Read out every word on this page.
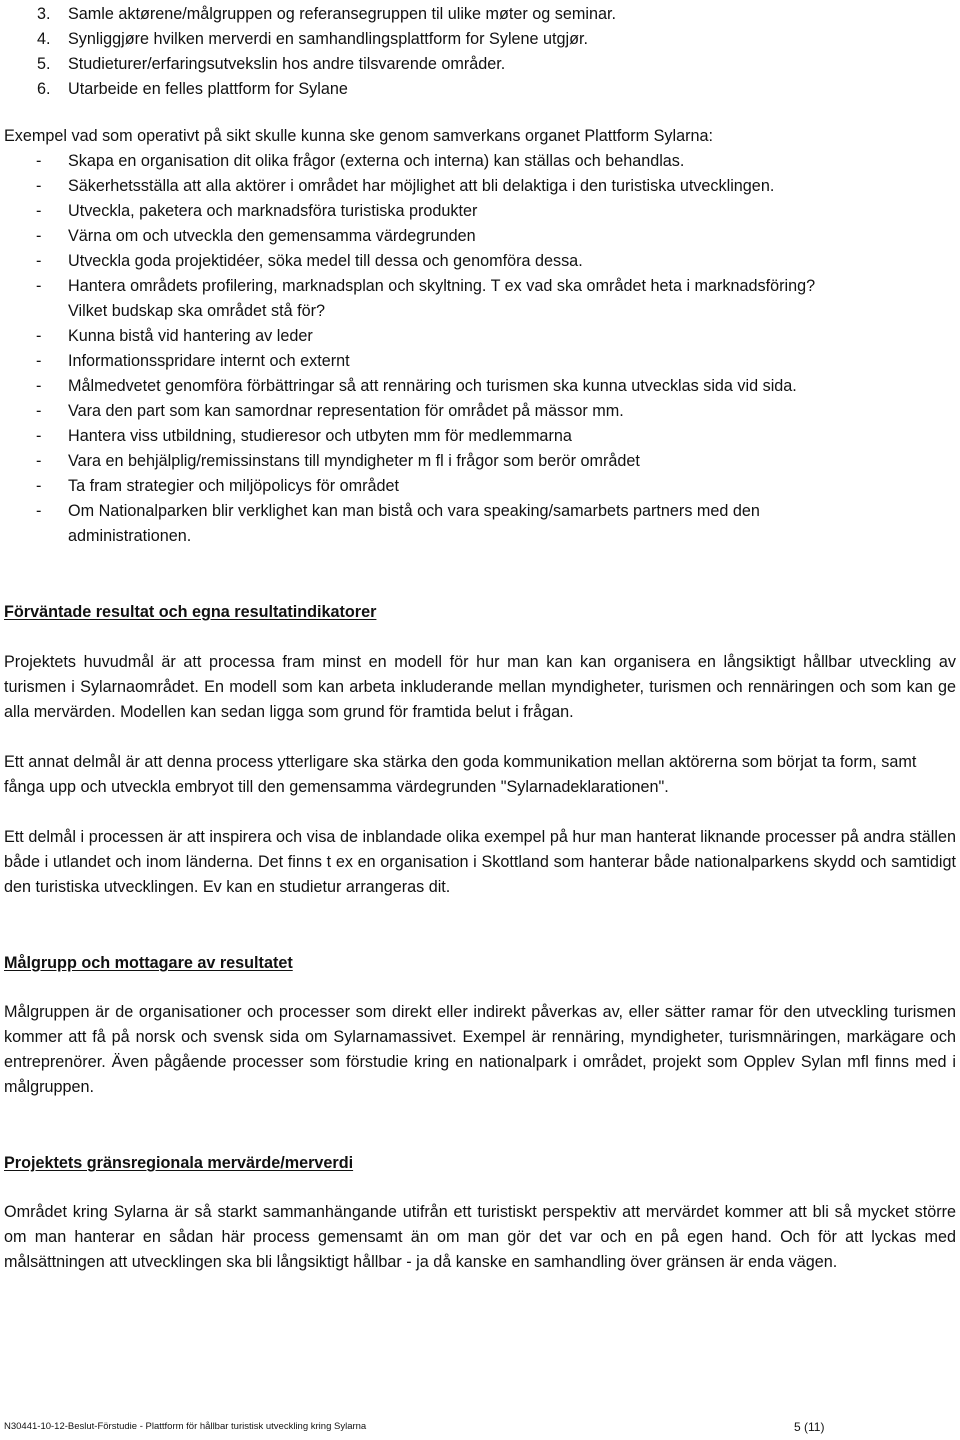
3. Samle aktørene/målgruppen og referansegruppen til ulike møter og seminar.
4. Synliggjøre hvilken merverdi en samhandlingsplattform for Sylene utgjør.
5. Studieturer/erfaringsutvekslin hos andre tilsvarende områder.
6. Utarbeide en felles plattform for Sylane

Exempel vad som operativt på sikt skulle kunna ske genom samverkans organet Plattform Sylarna:

- Skapa en organisation dit olika frågor (externa och interna) kan ställas och behandlas.
- Säkerhetsställa att alla aktörer i området har möjlighet att bli delaktiga i den turistiska utvecklingen.
- Utveckla, paketera och marknadsföra turistiska produkter
- Värna om och utveckla den gemensamma värdegrunden
- Utveckla goda projektidéer, söka medel till dessa och genomföra dessa.
- Hantera områdets profilering, marknadsplan och skyltning. T ex vad ska området heta i marknadsföring?
Vilket budskap ska området stå för?
- Kunna bistå vid hantering av leder
- Informationsspridare internt och externt
- Målmedvetet genomföra förbättringar så att rennäring och turismen ska kunna utvecklas sida vid sida.
- Vara den part som kan samordnar representation för området på mässor mm.
- Hantera viss utbildning, studieresor och utbyten mm för medlemmarna
- Vara en behjälplig/remissinstans till myndigheter m fl i frågor som berör området
- Ta fram strategier och miljöpolicys för området
- Om Nationalparken blir verklighet kan man bistå och vara speaking/samarbets partners med den
administrationen.
Förväntade resultat och egna resultatindikatorer

Projektets huvudmål är att processa fram minst en modell för hur man kan kan organisera en långsiktigt hållbar utveckling av turismen i Sylarnaområdet. En modell som kan arbeta inkluderande mellan myndigheter, turismen och rennäringen och som kan ge alla mervärden. Modellen kan sedan ligga som grund för framtida belut i frågan.

Ett annat delmål är att denna process ytterligare ska stärka den goda kommunikation mellan aktörerna som börjat ta form, samt fånga upp och utveckla embryot till den gemensamma värdegrunden "Sylarnadeklarationen".

Ett delmål i processen är att inspirera och visa de inblandade olika exempel på hur man hanterat liknande processer på andra ställen både i utlandet och inom länderna. Det finns t ex en organisation i Skottland som hanterar både nationalparkens skydd och samtidigt den turistiska utvecklingen. Ev kan en studietur arrangeras dit.

Målgrupp och mottagare av resultatet

Målgruppen är de organisationer och processer som direkt eller indirekt påverkas av, eller sätter ramar för den utveckling turismen kommer att få på norsk och svensk sida om Sylarnamassivet. Exempel är rennäring, myndigheter, turismnäringen, markägare och entreprenörer. Även pågående processer som förstudie kring en nationalpark i området, projekt som Opplev Sylan mfl finns med i målgruppen.

Projektets gränsregionala mervärde/merverdi

Området kring Sylarna är så starkt sammanhängande utifrån ett turistiskt perspektiv att mervärdet kommer att bli så mycket större om man hanterar en sådan här process gemensamt än om man gör det var och en på egen hand. Och för att lyckas med målsättningen att utvecklingen ska bli långsiktigt hållbar - ja då kanske en samhandling över gränsen är enda vägen.

N30441-10-12-Beslut-Förstudie - Plattform för hållbar turistisk utveckling kring Sylarna	5 (11)
